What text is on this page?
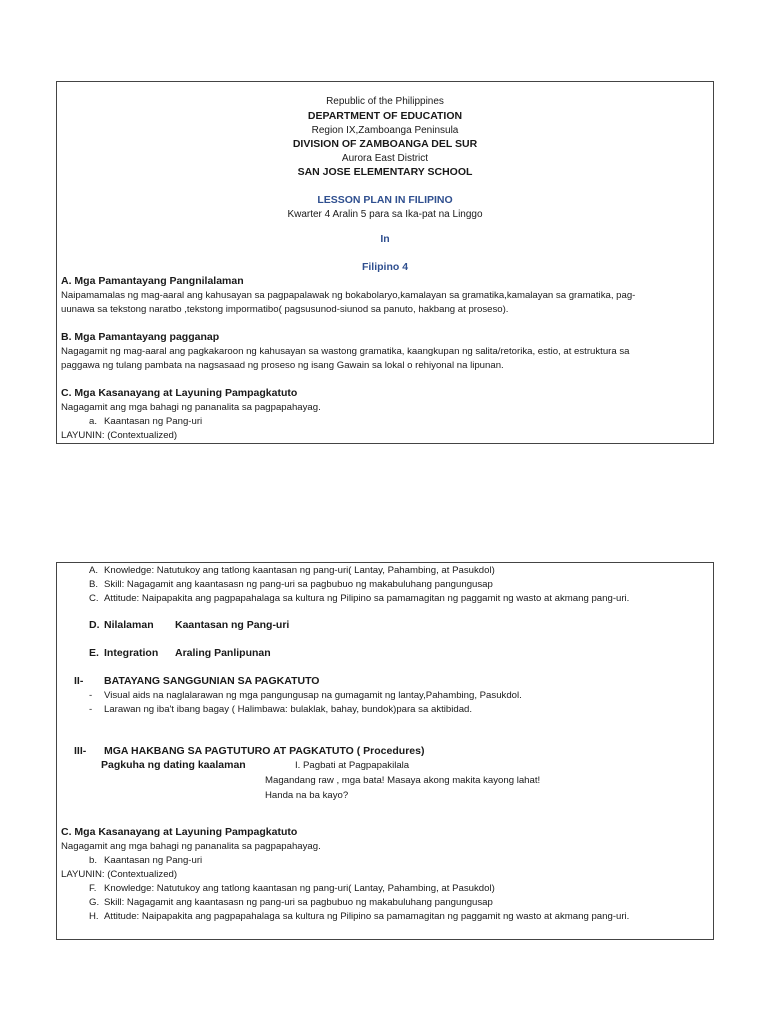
Republic of the Philippines
DEPARTMENT OF EDUCATION
Region IX,Zamboanga Peninsula
DIVISION OF ZAMBOANGA DEL SUR
Aurora East District
SAN JOSE ELEMENTARY SCHOOL
LESSON PLAN IN FILIPINO
Kwarter 4 Aralin 5 para sa Ika-pat na Linggo
In
Filipino 4
A. Mga Pamantayang Pangnilalaman
Naipamamalas ng mag-aaral ang kahusayan sa pagpapalawak ng bokabolaryo,kamalayan sa gramatika,kamalayan sa gramatika, pag-
uunawa sa tekstong naratbo ,tekstong impormatibo( pagsusunod-siunod sa panuto, hakbang at proseso).
B. Mga Pamantayang pagganap
Nagagamit ng mag-aaral ang pagkakaroon ng kahusayan sa wastong gramatika, kaangkupan ng salita/retorika, estio, at estruktura sa
paggawa ng tulang pambata na nagsasaad ng proseso ng isang Gawain sa lokal o rehiyonal na lipunan.
C. Mga Kasanayang at Layuning Pampagkatuto
Nagagamit ang mga bahagi ng pananalita sa pagpapahayag.
a. Kaantasan ng Pang-uri
LAYUNIN: (Contextualized)
A. Knowledge: Natutukoy ang tatlong kaantasan ng pang-uri( Lantay, Pahambing, at Pasukdol)
B. Skill: Nagagamit ang kaantasasn ng pang-uri sa pagbubuo ng makabuluhang pangungusap
C. Attitude: Naipapakita ang pagpapahalaga sa kultura ng Pilipino sa pamamagitan ng paggamit ng wasto at akmang pang-uri.
D. Nilalaman Kaantasan ng Pang-uri
E. Integration Araling Panlipunan
II- BATAYANG SANGGUNIAN SA PAGKATUTO
- Visual aids na naglalarawan ng mga pangungusap na gumagamit ng lantay,Pahambing, Pasukdol.
- Larawan ng iba't ibang bagay ( Halimbawa: bulaklak, bahay, bundok)para sa aktibidad.
III- MGA HAKBANG SA PAGTUTURO AT PAGKATUTO ( Procedures)
Pagkuha ng dating kaalaman	I. Pagbati at Pagpapakilala
Magandang raw , mga bata! Masaya akong makita kayong lahat!
Handa na ba kayo?
C. Mga Kasanayang at Layuning Pampagkatuto
Nagagamit ang mga bahagi ng pananalita sa pagpapahayag.
b. Kaantasan ng Pang-uri
LAYUNIN: (Contextualized)
F. Knowledge: Natutukoy ang tatlong kaantasan ng pang-uri( Lantay, Pahambing, at Pasukdol)
G. Skill: Nagagamit ang kaantasasn ng pang-uri sa pagbubuo ng makabuluhang pangungusap
H. Attitude: Naipapakita ang pagpapahalaga sa kultura ng Pilipino sa pamamagitan ng paggamit ng wasto at akmang pang-uri.
